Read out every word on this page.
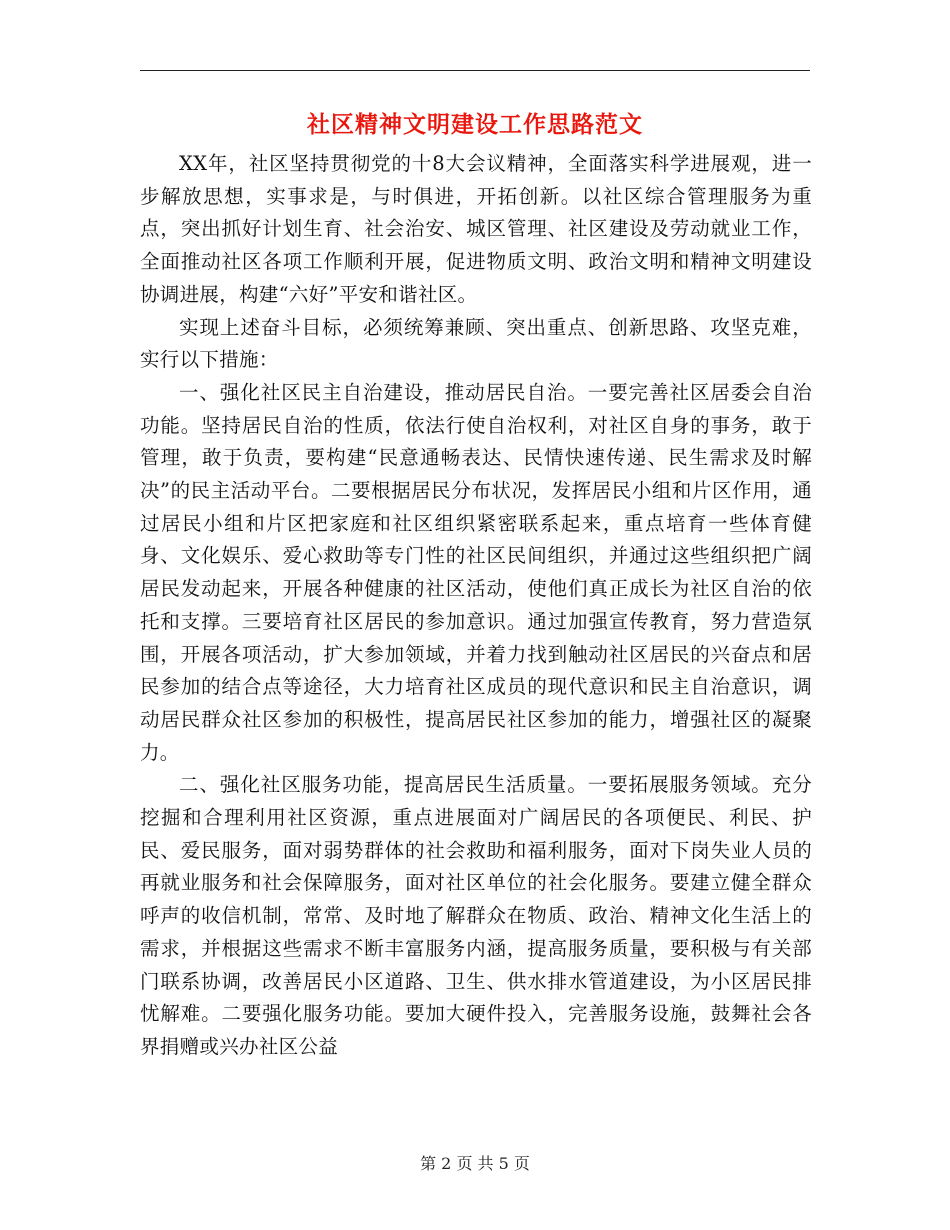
社区精神文明建设工作思路范文

XX年，社区坚持贯彻党的十8大会议精神，全面落实科学进展观，进一步解放思想，实事求是，与时俱进，开拓创新。以社区综合管理服务为重点，突出抓好计划生育、社会治安、城区管理、社区建设及劳动就业工作，全面推动社区各项工作顺利开展，促进物质文明、政治文明和精神文明建设协调进展，构建“六好”平安和谐社区。

实现上述奋斗目标，必须统筹兼顾、突出重点、创新思路、攻坚克难，实行以下措施：

一、强化社区民主自治建设，推动居民自治。一要完善社区居委会自治功能。坚持居民自治的性质，依法行使自治权利，对社区自身的事务，敢于管理，敢于负责，要构建“民意通畅表达、民情快速传递、民生需求及时解决”的民主活动平台。二要根据居民分布状况，发挥居民小组和片区作用，通过居民小组和片区把家庭和社区组织紧密联系起来，重点培育一些体育健身、文化娱乐、爱心救助等专门性的社区民间组织，并通过这些组织把广阔居民发动起来，开展各种健康的社区活动，使他们真正成长为社区自治的依托和支撑。三要培育社区居民的参加意识。通过加强宣传教育，努力营造氛围，开展各项活动，扩大参加领域，并着力找到触动社区居民的兴奋点和居民参加的结合点等途径，大力培育社区成员的现代意识和民主自治意识，调动居民群众社区参加的积极性，提高居民社区参加的能力，增强社区的凝聚力。

二、强化社区服务功能，提高居民生活质量。一要拓展服务领域。充分挖掘和合理利用社区资源，重点进展面对广阔居民的各项便民、利民、护民、爱民服务，面对弱势群体的社会救助和福利服务，面对下岗失业人员的再就业服务和社会保障服务，面对社区单位的社会化服务。要建立健全群众呼声的收信机制，常常、及时地了解群众在物质、政治、精神文化生活上的需求，并根据这些需求不断丰富服务内涵，提高服务质量，要积极与有关部门联系协调，改善居民小区道路、卫生、供水排水管道建设，为小区居民排忧解难。二要强化服务功能。要加大硬件投入，完善服务设施，鼓舞社会各界捐赠或兴办社区公益

第 2 页 共 5 页
